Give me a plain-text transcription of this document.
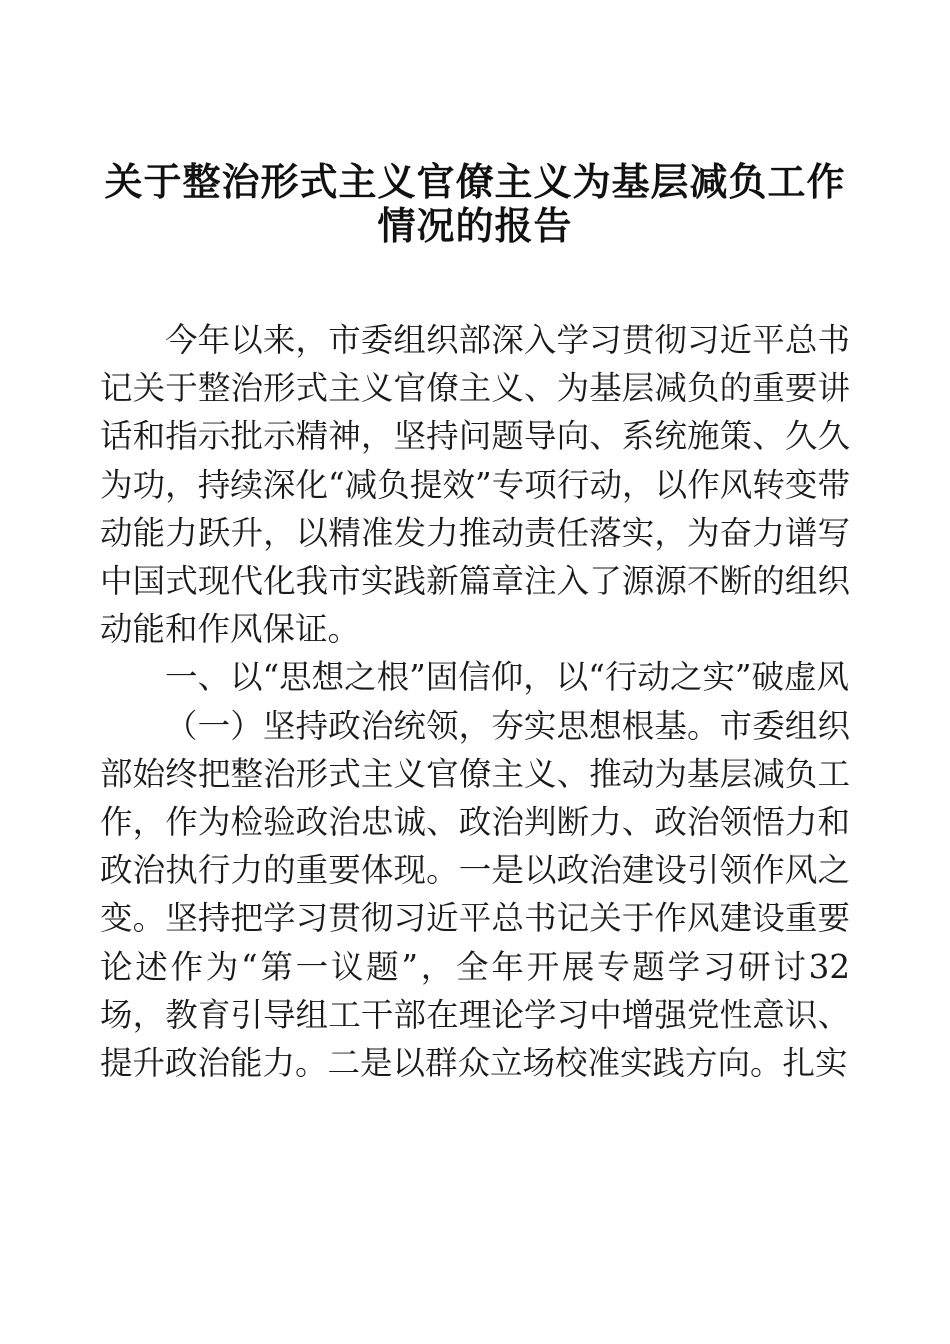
关于整治形式主义官僚主义为基层减负工作情况的报告

今年以来，市委组织部深入学习贯彻习近平总书记关于整治形式主义官僚主义、为基层减负的重要讲话和指示批示精神，坚持问题导向、系统施策、久久为功，持续深化“减负提效”专项行动，以作风转变带动能力跃升，以精准发力推动责任落实，为奋力谱写中国式现代化我市实践新篇章注入了源源不断的组织动能和作风保证。

一、以“思想之根”固信仰，以“行动之实”破虚风

（一）坚持政治统领，夯实思想根基。市委组织部始终把整治形式主义官僚主义、推动为基层减负工作，作为检验政治忠诚、政治判断力、政治领悟力和政治执行力的重要体现。一是以政治建设引领作风之变。坚持把学习贯彻习近平总书记关于作风建设重要论述作为“第一议题”，全年开展专题学习研讨32场，教育引导组工干部在理论学习中增强党性意识、提升政治能力。二是以群众立场校准实践方向。扎实
